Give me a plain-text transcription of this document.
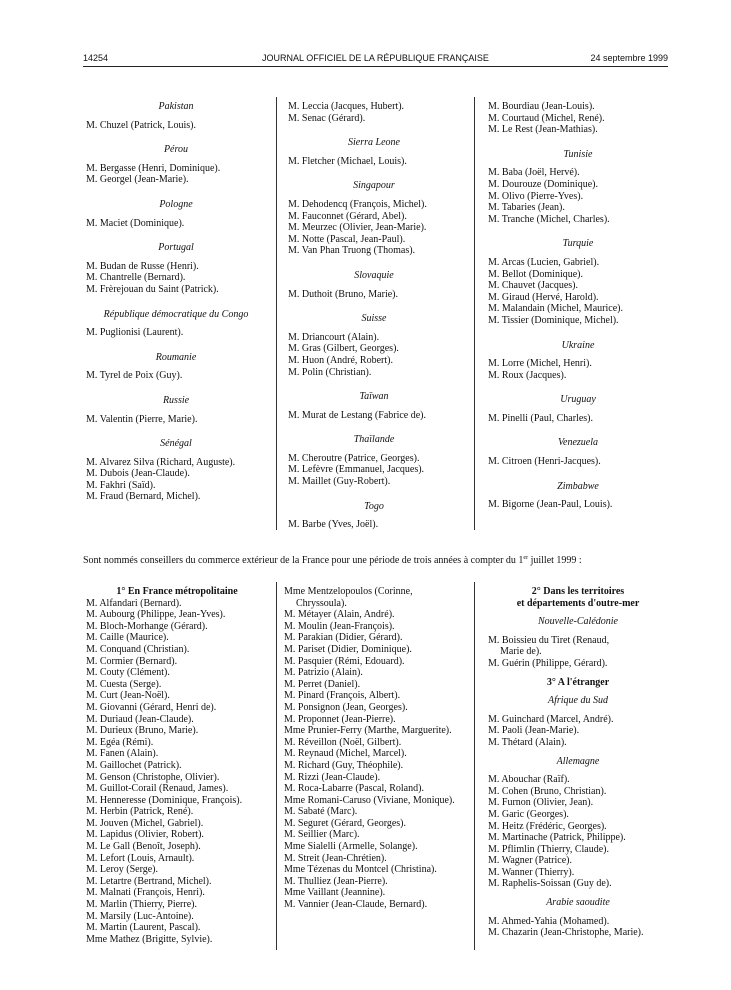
14254	JOURNAL OFFICIEL DE LA RÉPUBLIQUE FRANÇAISE	24 septembre 1999
Pakistan
M. Chuzel (Patrick, Louis).
Pérou
M. Bergasse (Henri, Dominique).
M. Georgel (Jean-Marie).
Pologne
M. Maciet (Dominique).
Portugal
M. Budan de Russe (Henri).
M. Chantrelle (Bernard).
M. Frèrejouan du Saint (Patrick).
République démocratique du Congo
M. Puglionisi (Laurent).
Roumanie
M. Tyrel de Poix (Guy).
Russie
M. Valentin (Pierre, Marie).
Sénégal
M. Alvarez Silva (Richard, Auguste).
M. Dubois (Jean-Claude).
M. Fakhri (Saïd).
M. Fraud (Bernard, Michel).
M. Leccia (Jacques, Hubert).
M. Senac (Gérard).
Sierra Leone
M. Fletcher (Michael, Louis).
Singapour
M. Dehodencq (François, Michel).
M. Fauconnet (Gérard, Abel).
M. Meurzec (Olivier, Jean-Marie).
M. Notte (Pascal, Jean-Paul).
M. Van Phan Truong (Thomas).
Slovaquie
M. Duthoit (Bruno, Marie).
Suisse
M. Driancourt (Alain).
M. Gras (Gilbert, Georges).
M. Huon (André, Robert).
M. Polin (Christian).
Taïwan
M. Murat de Lestang (Fabrice de).
Thaïlande
M. Cheroutre (Patrice, Georges).
M. Lefèvre (Emmanuel, Jacques).
M. Maillet (Guy-Robert).
Togo
M. Barbe (Yves, Joël).
M. Bourdiau (Jean-Louis).
M. Courtaud (Michel, René).
M. Le Rest (Jean-Mathias).
Tunisie
M. Baba (Joël, Hervé).
M. Dourouze (Dominique).
M. Olivo (Pierre-Yves).
M. Tabaries (Jean).
M. Tranche (Michel, Charles).
Turquie
M. Arcas (Lucien, Gabriel).
M. Bellot (Dominique).
M. Chauvet (Jacques).
M. Giraud (Hervé, Harold).
M. Malandain (Michel, Maurice).
M. Tissier (Dominique, Michel).
Ukraine
M. Lorre (Michel, Henri).
M. Roux (Jacques).
Uruguay
M. Pinelli (Paul, Charles).
Venezuela
M. Citroen (Henri-Jacques).
Zimbabwe
M. Bigorne (Jean-Paul, Louis).
Sont nommés conseillers du commerce extérieur de la France pour une période de trois années à compter du 1er juillet 1999 :
1° En France métropolitaine
M. Alfandari (Bernard).
M. Aubourg (Philippe, Jean-Yves).
M. Bloch-Morhange (Gérard).
M. Caille (Maurice).
M. Conquand (Christian).
M. Cormier (Bernard).
M. Couty (Clément).
M. Cuesta (Serge).
M. Curt (Jean-Noël).
M. Giovanni (Gérard, Henri de).
M. Duriaud (Jean-Claude).
M. Durieux (Bruno, Marie).
M. Egéa (Rémi).
M. Fanen (Alain).
M. Gaillochet (Patrick).
M. Genson (Christophe, Olivier).
M. Guillot-Corail (Renaud, James).
M. Henneresse (Dominique, François).
M. Herbin (Patrick, René).
M. Jouven (Michel, Gabriel).
M. Lapidus (Olivier, Robert).
M. Le Gall (Benoît, Joseph).
M. Lefort (Louis, Arnault).
M. Leroy (Serge).
M. Letartre (Bertrand, Michel).
M. Malnati (François, Henri).
M. Marlin (Thierry, Pierre).
M. Marsily (Luc-Antoine).
M. Martin (Laurent, Pascal).
Mme Mathez (Brigitte, Sylvie).
Mme Mentzelopoulos (Corinne,
Chryssoula).
M. Métayer (Alain, André).
M. Moulin (Jean-François).
M. Parakian (Didier, Gérard).
M. Pariset (Didier, Dominique).
M. Pasquier (Rémi, Edouard).
M. Patrizio (Alain).
M. Perret (Daniel).
M. Pinard (François, Albert).
M. Ponsignon (Jean, Georges).
M. Proponnet (Jean-Pierre).
Mme Prunier-Ferry (Marthe, Marguerite).
M. Réveillon (Noël, Gilbert).
M. Reynaud (Michel, Marcel).
M. Richard (Guy, Théophile).
M. Rizzi (Jean-Claude).
M. Roca-Labarre (Pascal, Roland).
Mme Romani-Caruso (Viviane, Monique).
M. Sabaté (Marc).
M. Seguret (Gérard, Georges).
M. Seillier (Marc).
Mme Sialelli (Armelle, Solange).
M. Streit (Jean-Chrétien).
Mme Tézenas du Montcel (Christina).
M. Thulliez (Jean-Pierre).
Mme Vaillant (Jeannine).
M. Vannier (Jean-Claude, Bernard).
2° Dans les territoires
et départements d'outre-mer
Nouvelle-Calédonie
M. Boissieu du Tiret (Renaud,
Marie de).
M. Guérin (Philippe, Gérard).
3° A l'étranger
Afrique du Sud
M. Guinchard (Marcel, André).
M. Paoli (Jean-Marie).
M. Thétard (Alain).
Allemagne
M. Abouchar (Raïf).
M. Cohen (Bruno, Christian).
M. Furnon (Olivier, Jean).
M. Garic (Georges).
M. Heitz (Frédéric, Georges).
M. Martinache (Patrick, Philippe).
M. Pflimlin (Thierry, Claude).
M. Wagner (Patrice).
M. Wanner (Thierry).
M. Raphelis-Soissan (Guy de).
Arabie saoudite
M. Ahmed-Yahia (Mohamed).
M. Chazarin (Jean-Christophe, Marie).
